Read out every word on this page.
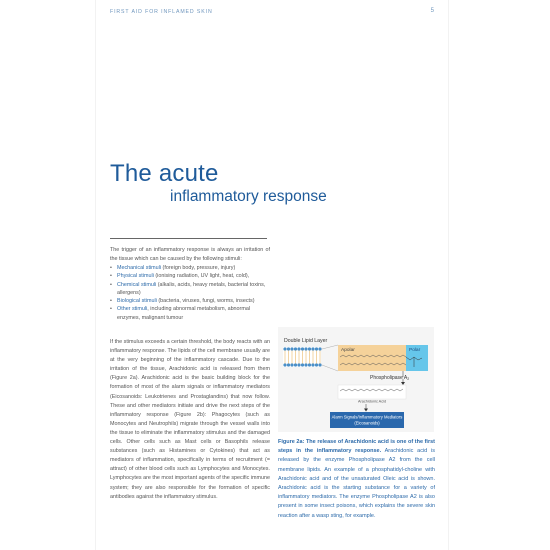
FIRST AID FOR INFLAMED SKIN	5
The acute
inflammatory response

The trigger of an inflammatory response is always an irritation of the tissue which can be caused by the following stimuli:

• Mechanical stimuli (foreign body, pressure, injury)
• Physical stimuli (ionising radiation, UV light, heat, cold),
• Chemical stimuli (alkalis, acids, heavy metals, bacterial toxins, allergens)
• Biological stimuli (bacteria, viruses, fungi, worms, insects)
• Other stimuli, including abnormal metabolism, abnormal enzymes, malignant tumour

If the stimulus exceeds a certain threshold, the body reacts with an inflammatory response. The lipids of the cell membrane usually are at the very beginning of the inflammatory cascade. Due to the irritation of the tissue, Arachidonic acid is released from them (Figure 2a). Arachidonic acid is the basic building block for the formation of most of the alarm signals or inflammatory mediators (Eicosanoids: Leukotrienes and Prostaglandins) that now follow. These and other mediators initiate and drive the next steps of the inflammatory response (Figure 2b): Phagocytes (such as Monocytes and Neutrophils) migrate through the vessel walls into the tissue to eliminate the inflammatory stimulus and the damaged cells. Other cells such as Mast cells or Basophils release substances (such as Histamines or Cytokines) that act as mediators of inflammation, specifically in terms of recruitment (= attract) of other blood cells such as Lymphocytes and Monocytes. Lymphocytes are the most important agents of the specific immune system; they are also responsible for the formation of specific antibodies against the inflammatory stimulus.

Double Lipid Layer
Apolar	Polar
Phospholipase $A_2$
Arachidonic Acid
Alarm Signals/Inflammatory Mediators
(Eicosanoids)

Figure 2a: The release of Arachidonic acid is one of the first steps in the inflammatory response. Arachidonic acid is released by the enzyme Phospholipase A2 from the cell membrane lipids. An example of a phosphatidyl-choline with Arachidonic acid and of the unsaturated Oleic acid is shown. Arachidonic acid is the starting substance for a variety of inflammatory mediators. The enzyme Phospholipase A2 is also present in some insect poisons, which explains the severe skin reaction after a wasp sting, for example.
